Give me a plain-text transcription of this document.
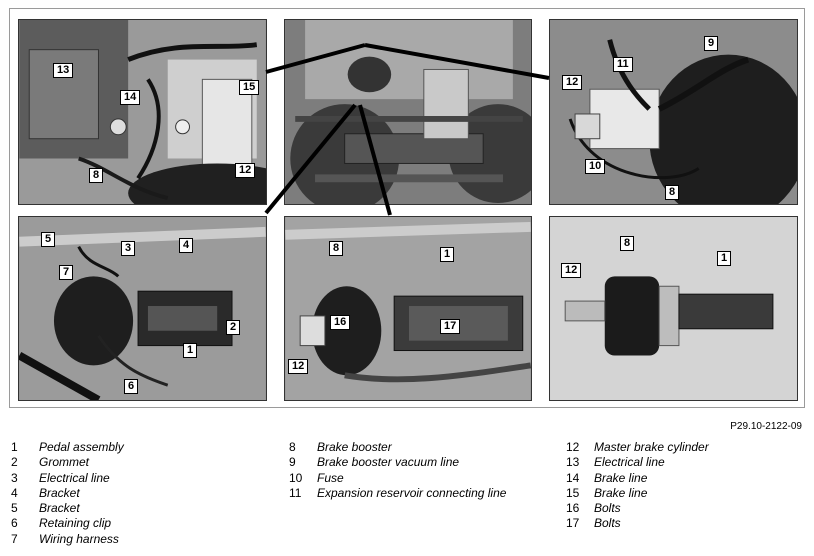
13
14
15
12
8
11
9
12
10
8
5
3	4
7
2
1
6
8	1
16	17
12
8
1
12
P29.10-2122-09
1	Pedal assembly
2	Grommet
3	Electrical line
4	Bracket
5	Bracket
6	Retaining clip
7	Wiring harness
8	Brake booster
9	Brake booster vacuum line
10	Fuse
11	Expansion reservoir connecting line
12	Master brake cylinder
13	Electrical line
14	Brake line
15	Brake line
16	Bolts
17	Bolts
